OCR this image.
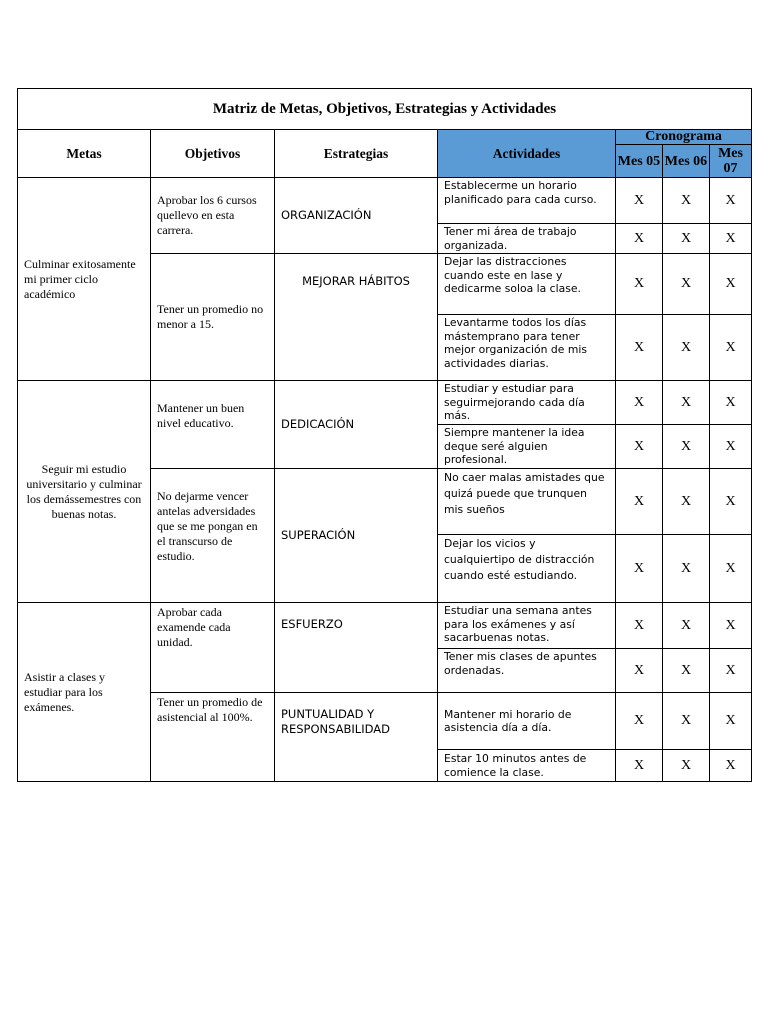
Matriz de Metas, Objetivos, Estrategias y Actividades						
Metas	Objetivos	Estrategias	Actividades	Cronograma		
				Mes 05	Mes 06	Mes 07
Culminar exitosamente mi primer ciclo académico	Aprobar los 6 cursos quellevo en esta carrera.	ORGANIZACIÓN	Establecerme un horario planificado para cada curso.	X	X	X
			Tener mi área de trabajo organizada.	X	X	X
	Tener un promedio no menor a 15.	MEJORAR HÁBITOS	Dejar las distracciones cuando este en lase y dedicarme soloa la clase.	X	X	X
			Levantarme todos los días mástemprano para tener mejor organización de mis actividades diarias.	X	X	X
Seguir mi estudio universitario y culminar los demássemestres con buenas notas.	Mantener un buen nivel educativo.	DEDICACIÓN	Estudiar y estudiar para seguirmejorando cada día más.	X	X	X
			Siempre mantener la idea deque seré alguien profesional.	X	X	X
	No dejarme vencer antelas adversidades que se me pongan en el transcurso de estudio.	SUPERACIÓN	No caer malas amistades que quizá puede que trunquen mis sueños	X	X	X
			Dejar los vicios y cualquiertipo de distracción cuando esté estudiando.	X	X	X
Asistir a clases y estudiar para los exámenes.	Aprobar cada examende cada unidad.	ESFUERZO	Estudiar una semana antes para los exámenes y así sacarbuenas notas.	X	X	X
			Tener mis clases de apuntes ordenadas.	X	X	X
	Tener un promedio de asistencial al 100%.	PUNTUALIDAD Y RESPONSABILIDAD	Mantener mi horario de asistencia día a día.	X	X	X
			Estar 10 minutos antes de comience la clase.	X	X	X
